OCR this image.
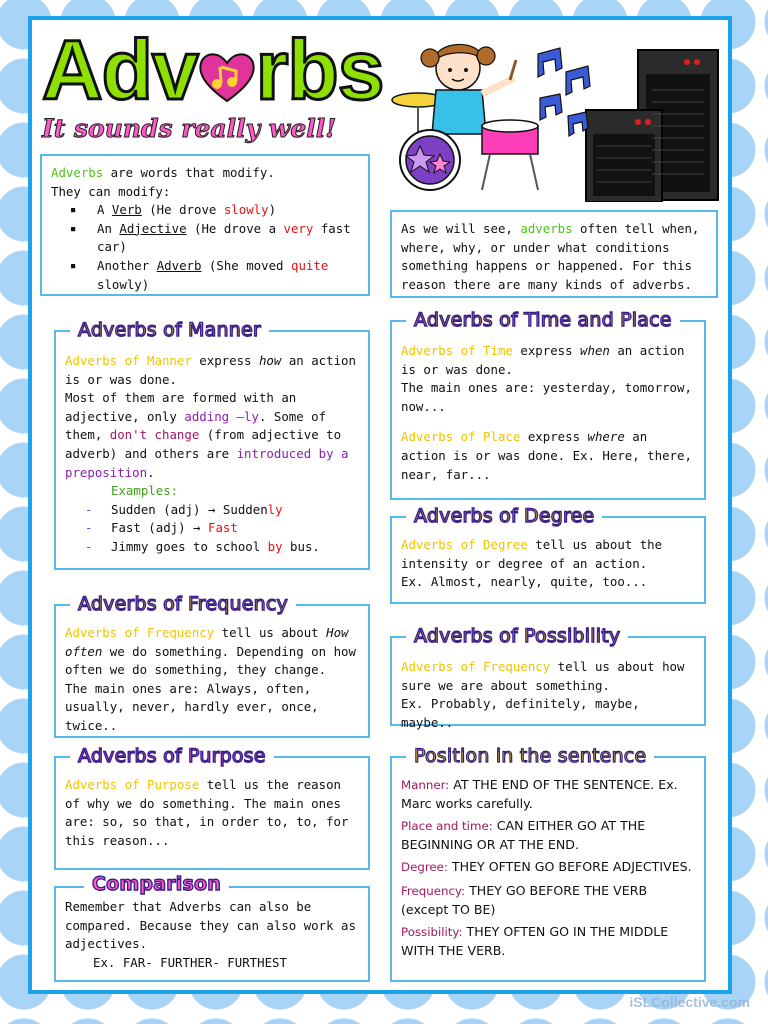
Adv rbs
It sounds really well!

Adverbs are words that modify.

They can modify:

■ A Verb (He drove slowly)
■ An Adjective (He drove a very fast car)
■ Another Adverb (She moved quite slowly)

As we will see, adverbs often tell when, where, why, or under what conditions something happens or happened. For this reason there are many kinds of adverbs.

Adverbs of Manner

Adverbs of Manner express how an action is or was done.

Most of them are formed with an adjective, only adding –ly. Some of them, don't change (from adjective to adverb) and others are introduced by a preposition.

Examples:

- Sudden (adj) → Suddenly

- Fast (adj) → Fast

- Jimmy goes to school by bus.

Adverbs of Time and Place

Adverbs of Time express when an action is or was done.

The main ones are: yesterday, tomorrow, now...

Adverbs of Place express where an action is or was done. Ex. Here, there, near, far...

Adverbs of Degree

Adverbs of Degree tell us about the intensity or degree of an action.

Ex. Almost, nearly, quite, too...

Adverbs of Frequency

Adverbs of Frequency tell us about How often we do something. Depending on how often we do something, they change.

The main ones are: Always, often, usually, never, hardly ever, once, twice..

Adverbs of Possibility

Adverbs of Frequency tell us about how sure we are about something.

Ex. Probably, definitely, maybe, maybe..

Adverbs of Purpose

Adverbs of Purpose tell us the reason of why we do something. The main ones are: so, so that, in order to, to, for this reason...

Position in the sentence

Manner: AT THE END OF THE SENTENCE. Ex. Marc works carefully.

Place and time: CAN EITHER GO AT THE BEGINNING OR AT THE END.

Degree: THEY OFTEN GO BEFORE ADJECTIVES.

Frequency: THEY GO BEFORE THE VERB (except TO BE)

Possibility: THEY OFTEN GO IN THE MIDDLE WITH THE VERB.

Comparison

Remember that Adverbs can also be compared. Because they can also work as adjectives.

Ex. FAR- FURTHER- FURTHEST

iSLCollective.com
